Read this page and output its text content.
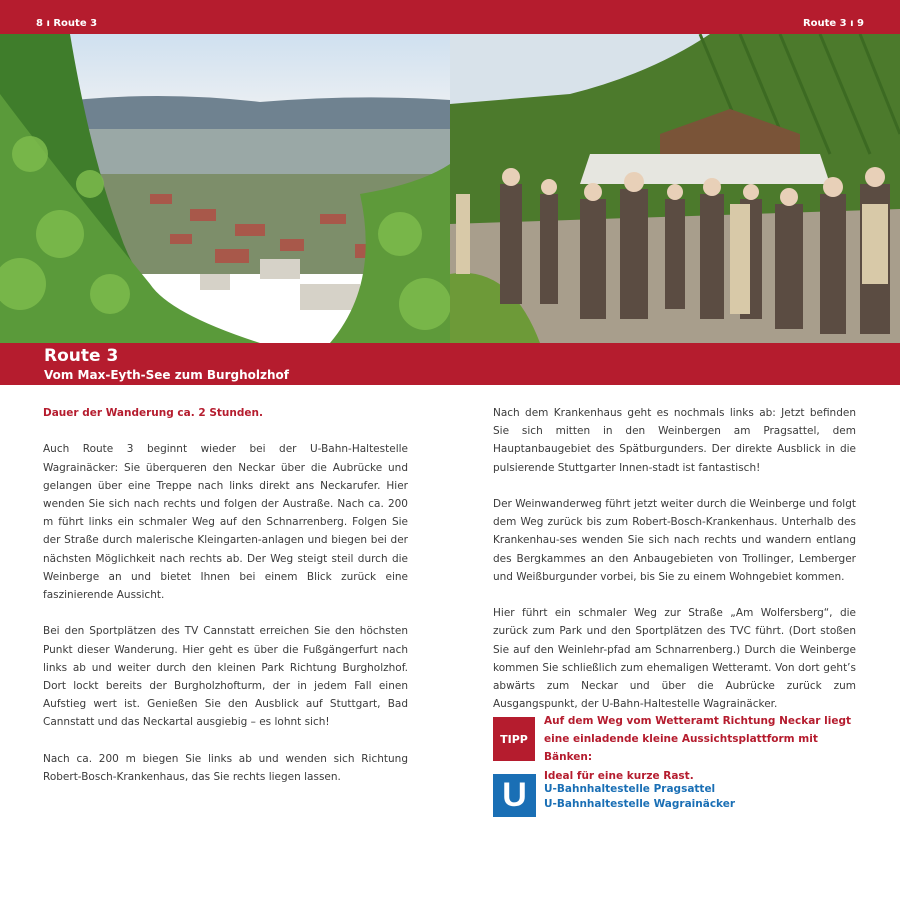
8 ı Route 3	Route 3 ı 9
Route 3
Vom Max-Eyth-See zum Burgholzhof

Dauer der Wanderung ca. 2 Stunden.

Auch Route 3 beginnt wieder bei der U-Bahn-Haltestelle Wagrainäcker: Sie überqueren den Neckar über die Aubrücke und gelangen über eine Treppe nach links direkt ans Neckarufer. Hier wenden Sie sich nach rechts und folgen der Austraße. Nach ca. 200 m führt links ein schmaler Weg auf den Schnarrenberg. Folgen Sie der Straße durch malerische Kleingarten-anlagen und biegen bei der nächsten Möglichkeit nach rechts ab. Der Weg steigt steil durch die Weinberge an und bietet Ihnen bei einem Blick zurück eine faszinierende Aussicht.

Bei den Sportplätzen des TV Cannstatt erreichen Sie den höchsten Punkt dieser Wanderung. Hier geht es über die Fußgängerfurt nach links ab und weiter durch den kleinen Park Richtung Burgholzhof. Dort lockt bereits der Burgholzhofturm, der in jedem Fall einen Aufstieg wert ist. Genießen Sie den Ausblick auf Stuttgart, Bad Cannstatt und das Neckartal ausgiebig – es lohnt sich!

Nach ca. 200 m biegen Sie links ab und wenden sich Richtung Robert-Bosch-Krankenhaus, das Sie rechts liegen lassen.

Nach dem Krankenhaus geht es nochmals links ab: Jetzt befinden Sie sich mitten in den Weinbergen am Pragsattel, dem Hauptanbaugebiet des Spätburgunders. Der direkte Ausblick in die pulsierende Stuttgarter Innen-stadt ist fantastisch!

Der Weinwanderweg führt jetzt weiter durch die Weinberge und folgt dem Weg zurück bis zum Robert-Bosch-Krankenhaus. Unterhalb des Krankenhau-ses wenden Sie sich nach rechts und wandern entlang des Bergkammes an den Anbaugebieten von Trollinger, Lemberger und Weißburgunder vorbei, bis Sie zu einem Wohngebiet kommen.

Hier führt ein schmaler Weg zur Straße „Am Wolfersberg“, die zurück zum Park und den Sportplätzen des TVC führt. (Dort stoßen Sie auf den Weinlehr-pfad am Schnarrenberg.) Durch die Weinberge kommen Sie schließlich zum ehemaligen Wetteramt. Von dort geht’s abwärts zum Neckar und über die Aubrücke zurück zum Ausgangspunkt, der U-Bahn-Haltestelle Wagrainäcker.

TIPP
Auf dem Weg vom Wetteramt Richtung Neckar liegt
eine einladende kleine Aussichtsplattform mit Bänken:
Ideal für eine kurze Rast.
U	U-Bahnhaltestelle Pragsattel
U-Bahnhaltestelle Wagrainäcker
